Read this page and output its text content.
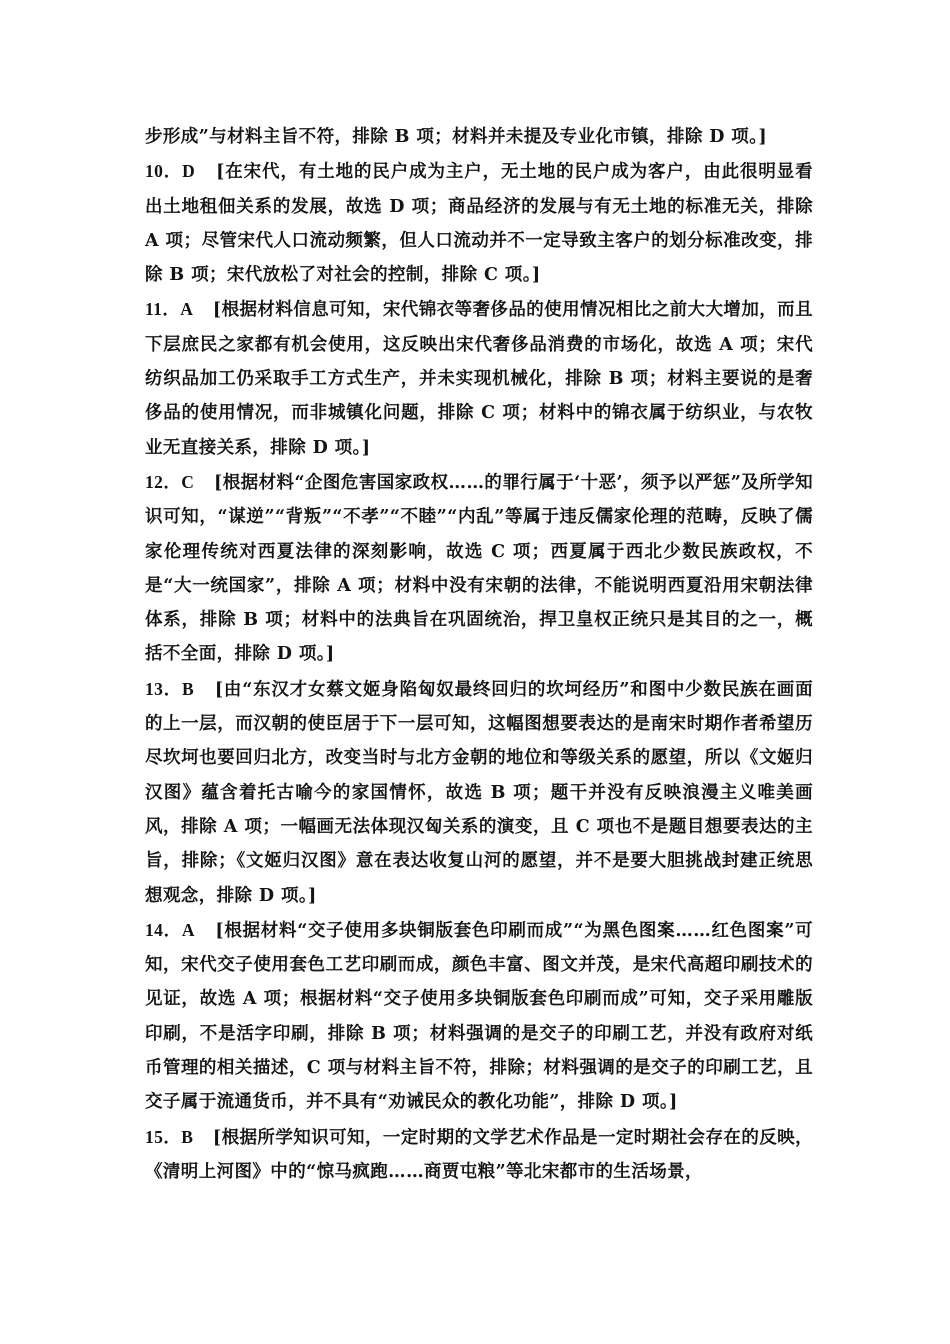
步形成”与材料主旨不符，排除 B 项；材料并未提及专业化市镇，排除 D 项。]

10．D [在宋代，有土地的民户成为主户，无土地的民户成为客户，由此很明显看出土地租佃关系的发展，故选 D 项；商品经济的发展与有无土地的标准无关，排除 A 项；尽管宋代人口流动频繁，但人口流动并不一定导致主客户的划分标准改变，排除 B 项；宋代放松了对社会的控制，排除 C 项。]

11．A [根据材料信息可知，宋代锦衣等奢侈品的使用情况相比之前大大增加，而且下层庶民之家都有机会使用，这反映出宋代奢侈品消费的市场化，故选 A 项；宋代纺织品加工仍采取手工方式生产，并未实现机械化，排除 B 项；材料主要说的是奢侈品的使用情况，而非城镇化问题，排除 C 项；材料中的锦衣属于纺织业，与农牧业无直接关系，排除 D 项。]

12．C [根据材料“企图危害国家政权……的罪行属于‘十恶’，须予以严惩”及所学知识可知，“谋逆”“背叛”“不孝”“不睦”“内乱”等属于违反儒家伦理的范畴，反映了儒家伦理传统对西夏法律的深刻影响，故选 C 项；西夏属于西北少数民族政权，不是“大一统国家”，排除 A 项；材料中没有宋朝的法律，不能说明西夏沿用宋朝法律体系，排除 B 项；材料中的法典旨在巩固统治，捍卫皇权正统只是其目的之一，概括不全面，排除 D 项。]

13．B [由“东汉才女蔡文姬身陷匈奴最终回归的坎坷经历”和图中少数民族在画面的上一层，而汉朝的使臣居于下一层可知，这幅图想要表达的是南宋时期作者希望历尽坎坷也要回归北方，改变当时与北方金朝的地位和等级关系的愿望，所以《文姬归汉图》蕴含着托古喻今的家国情怀，故选 B 项；题干并没有反映浪漫主义唯美画风，排除 A 项；一幅画无法体现汉匈关系的演变，且 C 项也不是题目想要表达的主旨，排除；《文姬归汉图》意在表达收复山河的愿望，并不是要大胆挑战封建正统思想观念，排除 D 项。]

14．A [根据材料“交子使用多块铜版套色印刷而成”“为黑色图案……红色图案”可知，宋代交子使用套色工艺印刷而成，颜色丰富、图文并茂，是宋代高超印刷技术的见证，故选 A 项；根据材料“交子使用多块铜版套色印刷而成”可知，交子采用雕版印刷，不是活字印刷，排除 B 项；材料强调的是交子的印刷工艺，并没有政府对纸币管理的相关描述，C 项与材料主旨不符，排除；材料强调的是交子的印刷工艺，且交子属于流通货币，并不具有“劝诫民众的教化功能”，排除 D 项。]

15．B [根据所学知识可知，一定时期的文学艺术作品是一定时期社会存在的反映，《清明上河图》中的“惊马疯跑……商贾屯粮”等北宋都市的生活场景，
